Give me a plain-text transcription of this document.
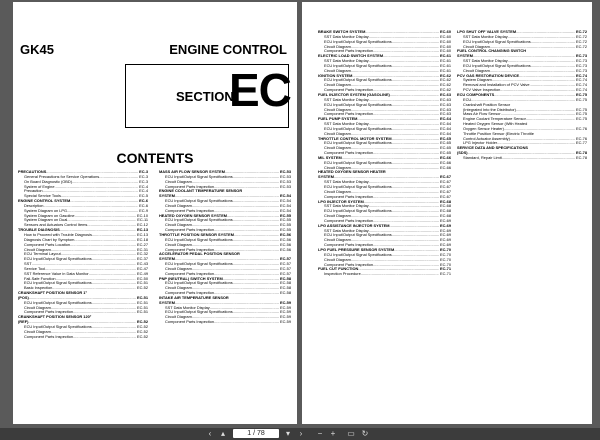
GK45	ENGINE CONTROL
SECTION
EC
CONTENTS
PRECAUTIONS .....	EC-3
General Precautions for Service Operations .....	EC-3
On Board Diagnostic (OBD) .....	EC-3
System of Engine .....	EC-4
Precaution .....	EC-4
Special Service Tools .....	EC-5
ENGINE CONTROL SYSTEM .....	EC-6
Description .....	EC-6
System Diagram on LPG .....	EC-9
System Diagram on Gasoline .....	EC-10
System Diagram on Dual .....	EC-11
Sensors and Actuators Control Items .....	EC-12
TROUBLE DIAGNOSIS .....	EC-13
How to Proceed with Trouble Diagnosis .....	EC-13
Diagnosis Chart by Symptom .....	EC-18
Component Parts Location .....	EC-27
Circuit Diagram .....	EC-31
ECU Terminal Layout .....	EC-32
ECU Input/Output Signal Specifications .....	EC-37
SST .....	EC-43
Service Tool .....	EC-47
SST Reference Value in Data Monitor .....	EC-49
Fail-Safe Function .....	EC-50
ECU Input/Output Signal Specifications .....	EC-51
Basic Inspection .....	EC-52
CRANKSHAFT POSITION SENSOR 1°
(POS) .....	EC-51
ECU Input/Output Signal Specifications .....	EC-51
Circuit Diagram .....	EC-51
Component Parts Inspection .....	EC-51
CRANKSHAFT POSITION SENSOR 120°
(REF) .....	EC-52
ECU Input/Output Signal Specifications .....	EC-52
Circuit Diagram .....	EC-52
Component Parts Inspection .....	EC-52
MASS AIR FLOW SENSOR SYSTEM .....	EC-53
ECU Input/Output Signal Specifications .....	EC-53
Circuit Diagram .....	EC-53
Component Parts Inspection .....	EC-53
ENGINE COOLANT TEMPERATURE SENSOR
SYSTEM .....	EC-54
ECU Input/Output Signal Specifications .....	EC-54
Circuit Diagram .....	EC-54
Component Parts Inspection .....	EC-54
HEATED OXYGEN SENSOR SYSTEM .....	EC-55
ECU Input/Output Signal Specifications .....	EC-55
Circuit Diagram .....	EC-55
Component Parts Inspection .....	EC-55
THROTTLE POSITION SENSOR SYSTEM .....	EC-56
ECU Input/Output Signal Specifications .....	EC-56
Circuit Diagram .....	EC-56
Component Parts Inspection .....	EC-56
ACCELERATOR PEDAL POSITION SENSOR
SYSTEM .....	EC-57
ECU Input/Output Signal Specifications .....	EC-57
Circuit Diagram .....	EC-57
Component Parts Inspection .....	EC-57
PNP (NEUTRAL) SWITCH SYSTEM .....	EC-58
ECU Input/Output Signal Specifications .....	EC-58
Circuit Diagram .....	EC-58
Component Parts Inspection .....	EC-58
INTAKE AIR TEMPERATURE SENSOR
SYSTEM .....	EC-59
SST Data Monitor Display .....	EC-59
ECU Input/Output Signal Specifications .....	EC-59
Circuit Diagram .....	EC-59
Component Parts Inspection .....	EC-59
BRAKE SWITCH SYSTEM .....	EC-60
SST Data Monitor Display .....	EC-60
ECU Input/Output Signal Specifications .....	EC-60
Circuit Diagram .....	EC-60
Component Parts Inspection .....	EC-60
ELECTRIC LOAD SWITCH SYSTEM .....	EC-61
SST Data Monitor Display .....	EC-61
ECU Input/Output Signal Specifications .....	EC-61
Circuit Diagram .....	EC-61
IGNITION SYSTEM .....	EC-62
ECU Input/Output Signal Specifications .....	EC-62
Circuit Diagram .....	EC-62
Component Parts Inspection .....	EC-62
FUEL INJECTOR SYSTEM (GASOLINE) .....	EC-63
SST Data Monitor Display .....	EC-63
ECU Input/Output Signal Specifications .....	EC-63
Circuit Diagram .....	EC-63
Component Parts Inspection .....	EC-63
FUEL PUMP SYSTEM .....	EC-64
SST Data Monitor Display .....	EC-64
ECU Input/Output Signal Specifications .....	EC-64
Circuit Diagram .....	EC-64
THROTTLE CONTROL MOTOR SYSTEM .....	EC-65
ECU Input/Output Signal Specifications .....	EC-65
Circuit Diagram .....	EC-65
Component Parts Inspection .....	EC-65
MIL SYSTEM .....	EC-66
ECU Input/Output Signal Specifications .....	EC-66
Circuit Diagram .....	EC-66
HEATED OXYGEN SENSOR HEATER
SYSTEM .....	EC-67
SST Data Monitor Display .....	EC-67
ECU Input/Output Signal Specifications .....	EC-67
Circuit Diagram .....	EC-67
Component Parts Inspection .....	EC-67
LPG INJECTOR SYSTEM .....	EC-68
SST Data Monitor Display .....	EC-68
ECU Input/Output Signal Specifications .....	EC-68
Circuit Diagram .....	EC-68
Component Parts Inspection .....	EC-69
LPG ASSISTANCE INJECTOR SYSTEM .....	EC-69
SST Data Monitor Display .....	EC-69
ECU Input/Output Signal Specifications .....	EC-69
Circuit Diagram .....	EC-69
Component Parts Inspection .....	EC-69
LPG FUEL PRESSURE SENSOR SYSTEM .....	EC-70
ECU Input/Output Signal Specifications .....	EC-70
Circuit Diagram .....	EC-70
Component Parts Inspection .....	EC-70
FUEL CUT FUNCTION .....	EC-71
Inspection Procedure .....	EC-71
LPG SHUT OFF VALVE SYSTEM .....	EC-72
SST Data Monitor Display .....	EC-72
ECU Input/Output Signal Specifications .....	EC-72
Circuit Diagram .....	EC-72
FUEL CONTROL CHANGING SWITCH
SYSTEM .....	EC-73
SST Data Monitor Display .....	EC-73
ECU Input/Output Signal Specifications .....	EC-73
Circuit Diagram .....	EC-73
PCV GAS RESTORATION DEVICE .....	EC-74
System Diagram .....	EC-74
Removal and Installation of PCV Valve .....	EC-74
PCV Valve Inspection .....	EC-74
ECU COMPONENTS .....	EC-75
ECU .....	EC-75
Crankshaft Position Sensor
(Integrated Into the Distributor) .....	EC-75
Mass Air Flow Sensor .....	EC-75
Engine Coolant Temperature Sensor .....	EC-75
Heated Oxygen Sensor (With Heated
Oxygen Sensor Heater) .....	EC-76
Throttle Position Sensor (Electric Throttle
Control Actuator Assembly) .....	EC-76
LPG Injector Holder .....	EC-77
SERVICE DATA AND SPECIFICATIONS
(SDS) .....	EC-78
Standard, Repair Limit .....	EC-78
‹	▴	1 / 78	▾	›	−	+	▭ ↻
